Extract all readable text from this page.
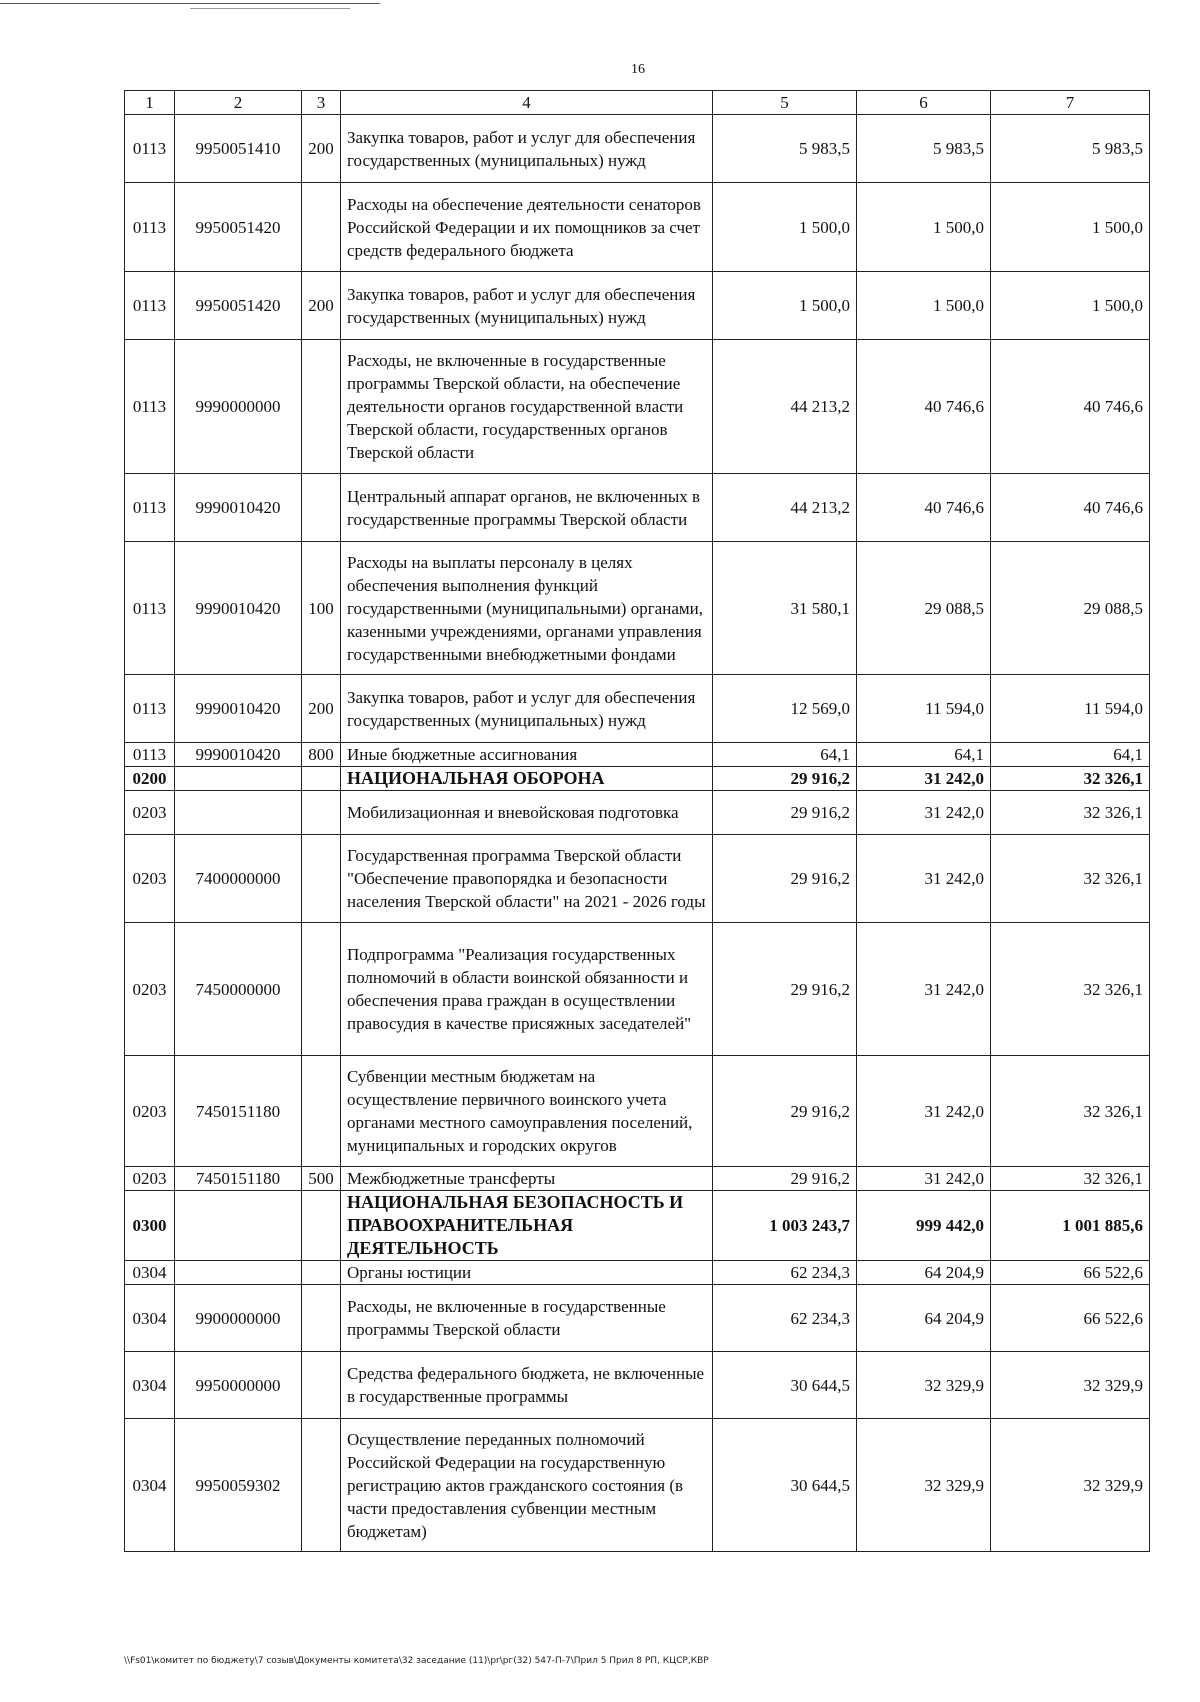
16
1	2	3	4	5	6	7
0113	9950051410	200	Закупка товаров, работ и услуг для обеспечения государственных (муниципальных) нужд	5 983,5	5 983,5	5 983,5
0113	9950051420		Расходы на обеспечение деятельности сенаторов Российской Федерации и их помощников за счет средств федерального бюджета	1 500,0	1 500,0	1 500,0
0113	9950051420	200	Закупка товаров, работ и услуг для обеспечения государственных (муниципальных) нужд	1 500,0	1 500,0	1 500,0
0113	9990000000		Расходы, не включенные в государственные программы Тверской области, на обеспечение деятельности органов государственной власти Тверской области, государственных органов Тверской области	44 213,2	40 746,6	40 746,6
0113	9990010420		Центральный аппарат органов, не включенных в государственные программы Тверской области	44 213,2	40 746,6	40 746,6
0113	9990010420	100	Расходы на выплаты персоналу в целях обеспечения выполнения функций государственными (муниципальными) органами, казенными учреждениями, органами управления государственными внебюджетными фондами	31 580,1	29 088,5	29 088,5
0113	9990010420	200	Закупка товаров, работ и услуг для обеспечения государственных (муниципальных) нужд	12 569,0	11 594,0	11 594,0
0113	9990010420	800	Иные бюджетные ассигнования	64,1	64,1	64,1
0200			НАЦИОНАЛЬНАЯ ОБОРОНА	29 916,2	31 242,0	32 326,1
0203			Мобилизационная и вневойсковая подготовка	29 916,2	31 242,0	32 326,1
0203	7400000000		Государственная программа Тверской области "Обеспечение правопорядка и безопасности населения Тверской области" на 2021 - 2026 годы	29 916,2	31 242,0	32 326,1
0203	7450000000		Подпрограмма "Реализация государственных полномочий в области воинской обязанности и обеспечения права граждан в осуществлении правосудия в качестве присяжных заседателей"	29 916,2	31 242,0	32 326,1
0203	7450151180		Субвенции местным бюджетам на осуществление первичного воинского учета органами местного самоуправления поселений, муниципальных и городских округов	29 916,2	31 242,0	32 326,1
0203	7450151180	500	Межбюджетные трансферты	29 916,2	31 242,0	32 326,1
0300			НАЦИОНАЛЬНАЯ БЕЗОПАСНОСТЬ И ПРАВООХРАНИТЕЛЬНАЯ ДЕЯТЕЛЬНОСТЬ	1 003 243,7	999 442,0	1 001 885,6
0304			Органы юстиции	62 234,3	64 204,9	66 522,6
0304	9900000000		Расходы, не включенные в государственные программы Тверской области	62 234,3	64 204,9	66 522,6
0304	9950000000		Средства федерального бюджета, не включенные в государственные программы	30 644,5	32 329,9	32 329,9
0304	9950059302		Осуществление переданных полномочий Российской Федерации на государственную регистрацию актов гражданского состояния (в части предоставления субвенции местным бюджетам)	30 644,5	32 329,9	32 329,9
\\Fs01\комитет по бюджету\7 созыв\Документы комитета\32 заседание (11)\pr\рг(32) 547-П-7\Прил 5 Прил 8 РП, КЦСР,КВР
